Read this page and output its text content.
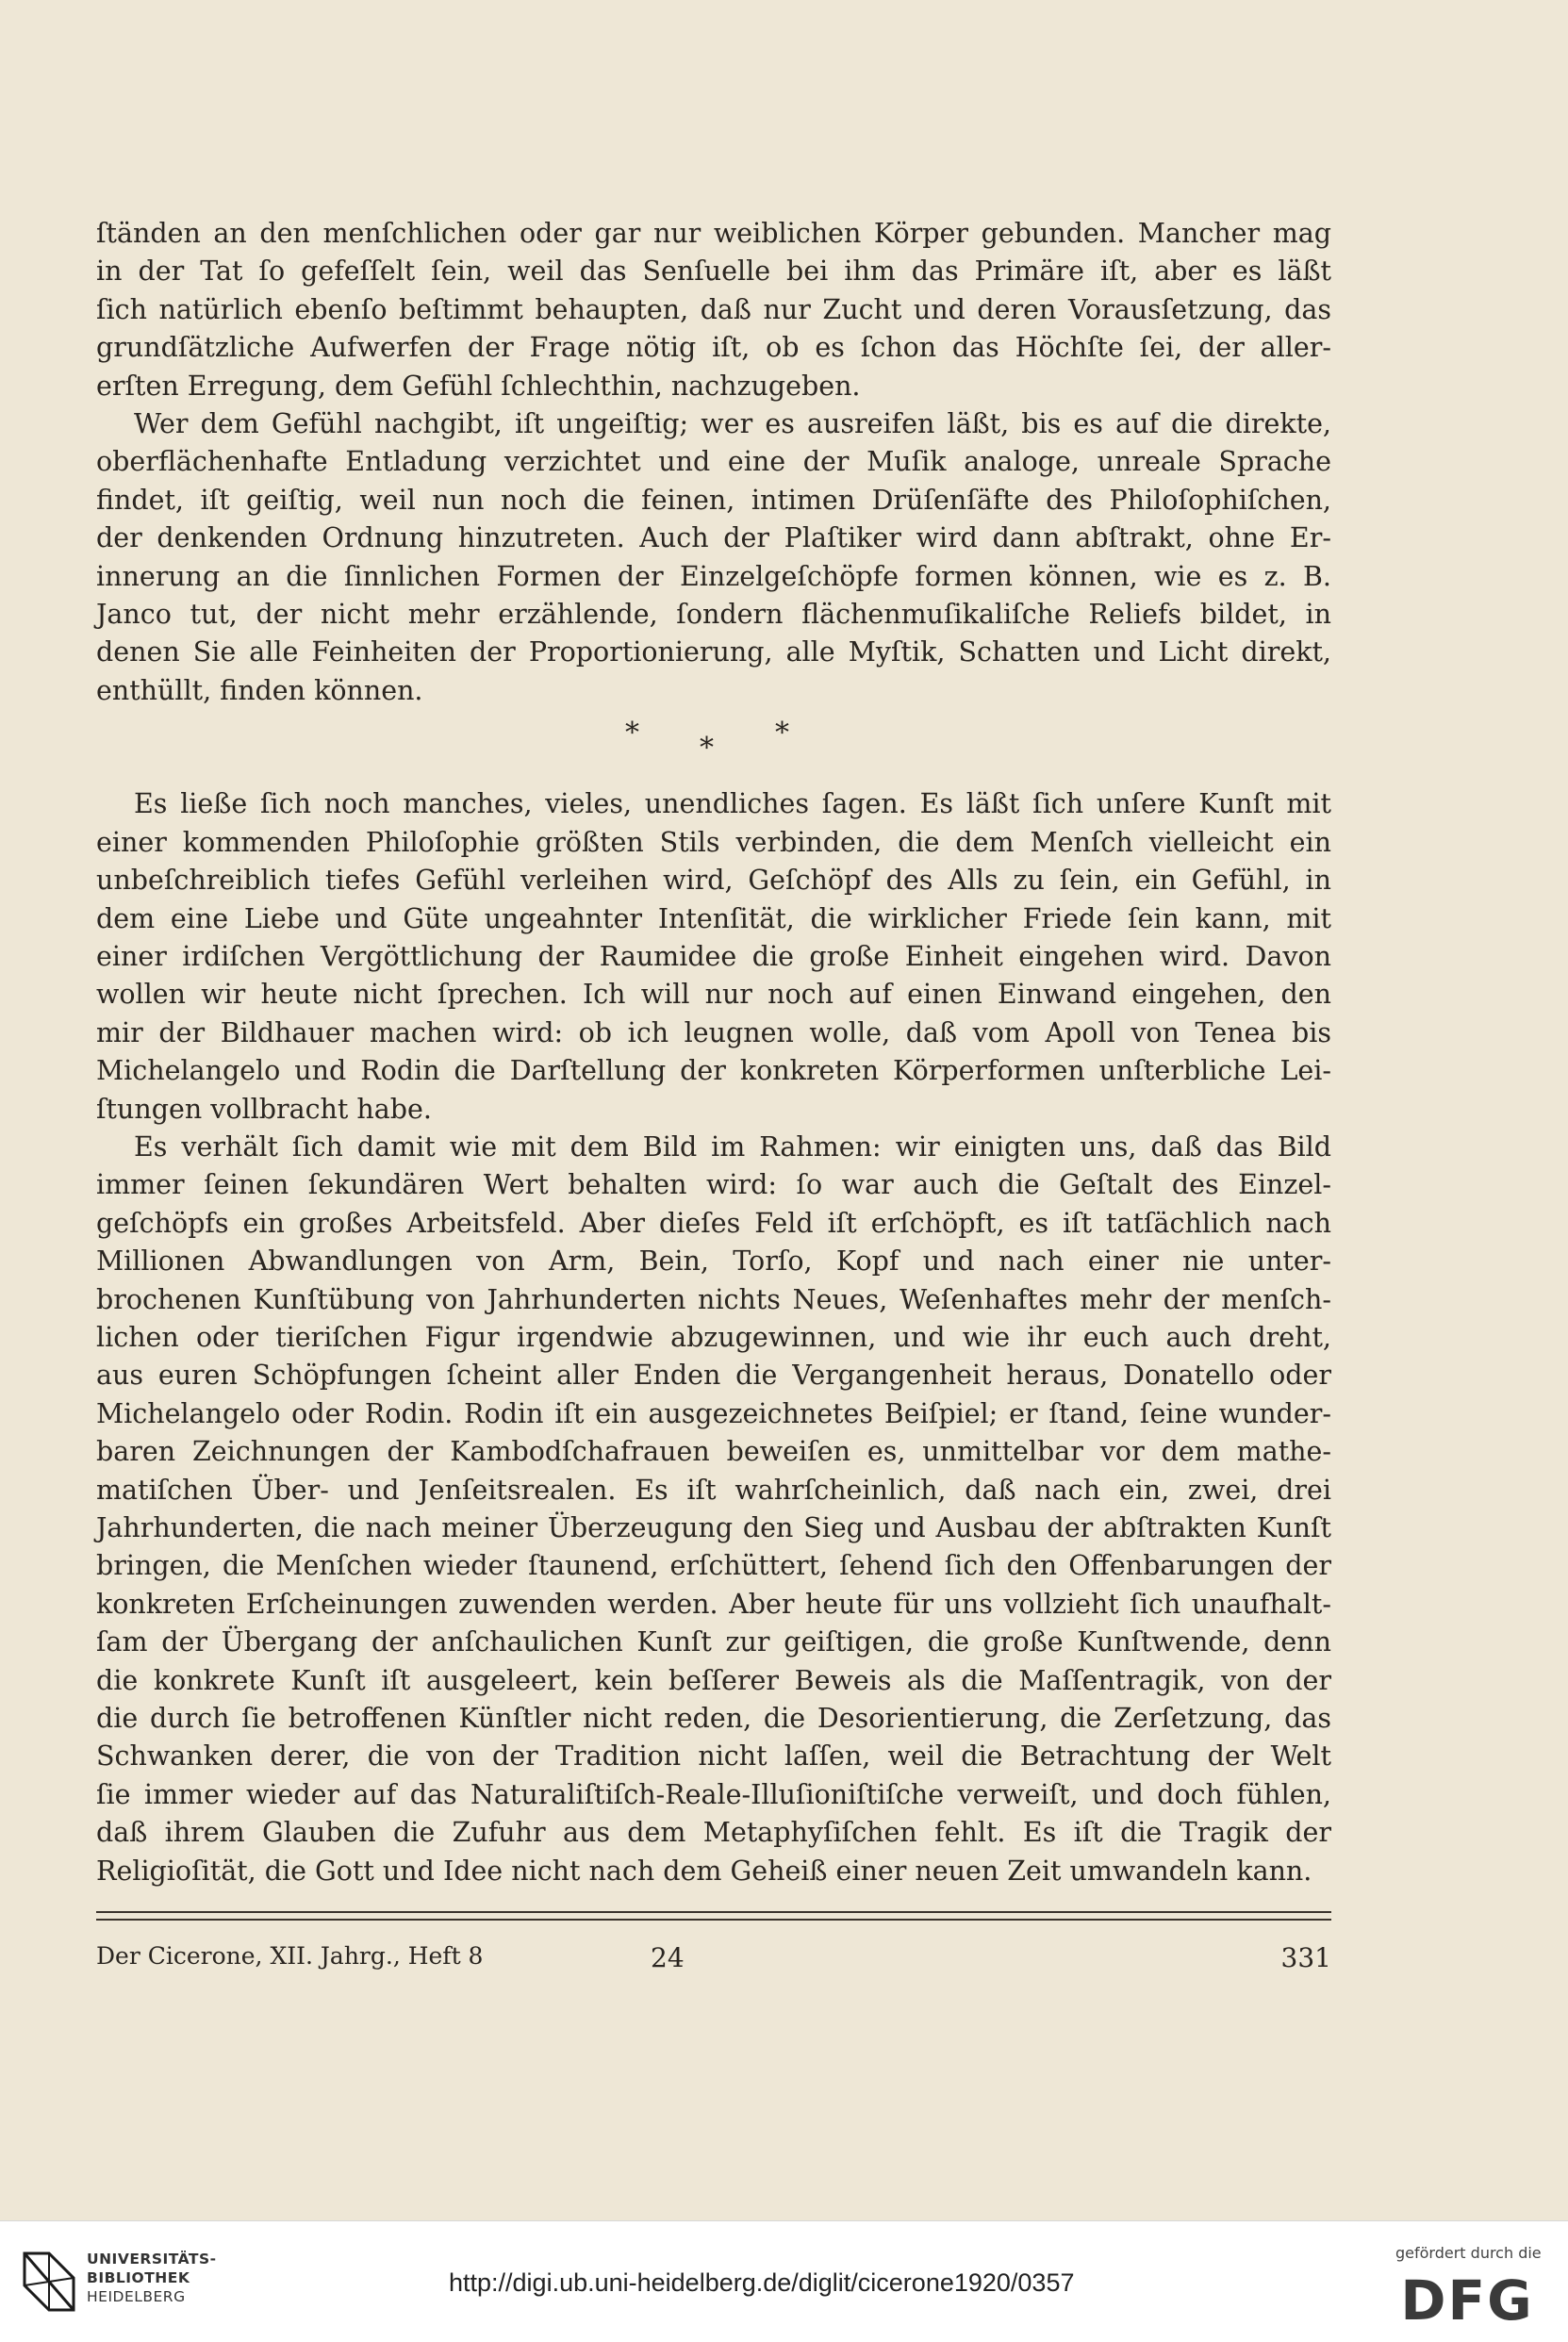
ſtänden an den menſchlichen oder gar nur weiblichen Körper gebunden. Mancher mag
in der Tat ſo gefeſſelt ſein, weil das Senſuelle bei ihm das Primäre iſt, aber es läßt
ſich natürlich ebenſo beſtimmt behaupten, daß nur Zucht und deren Vorausſetzung, das
grundſätzliche Aufwerfen der Frage nötig iſt, ob es ſchon das Höchſte ſei, der aller-
erſten Erregung, dem Gefühl ſchlechthin, nachzugeben.

Wer dem Gefühl nachgibt, iſt ungeiſtig; wer es ausreifen läßt, bis es auf die direkte,
oberflächenhafte Entladung verzichtet und eine der Muſik analoge, unreale Sprache
findet, iſt geiſtig, weil nun noch die feinen, intimen Drüſenſäfte des Philoſophiſchen,
der denkenden Ordnung hinzutreten. Auch der Plaſtiker wird dann abſtrakt, ohne Er-
innerung an die ſinnlichen Formen der Einzelgeſchöpfe formen können, wie es z. B.
Janco tut, der nicht mehr erzählende, ſondern flächenmuſikaliſche Reliefs bildet, in
denen Sie alle Feinheiten der Proportionierung, alle Myſtik, Schatten und Licht direkt,
enthüllt, finden können.

* * *

Es ließe ſich noch manches, vieles, unendliches ſagen. Es läßt ſich unſere Kunſt mit
einer kommenden Philoſophie größten Stils verbinden, die dem Menſch vielleicht ein
unbeſchreiblich tiefes Gefühl verleihen wird, Geſchöpf des Alls zu ſein, ein Gefühl, in
dem eine Liebe und Güte ungeahnter Intenſität, die wirklicher Friede ſein kann, mit
einer irdiſchen Vergöttlichung der Raumidee die große Einheit eingehen wird. Davon
wollen wir heute nicht ſprechen. Ich will nur noch auf einen Einwand eingehen, den
mir der Bildhauer machen wird: ob ich leugnen wolle, daß vom Apoll von Tenea bis
Michelangelo und Rodin die Darſtellung der konkreten Körperformen unſterbliche Lei-
ſtungen vollbracht habe.

Es verhält ſich damit wie mit dem Bild im Rahmen: wir einigten uns, daß das Bild
immer ſeinen ſekundären Wert behalten wird: ſo war auch die Geſtalt des Einzel-
geſchöpfs ein großes Arbeitsfeld. Aber dieſes Feld iſt erſchöpft, es iſt tatſächlich nach
Millionen Abwandlungen von Arm, Bein, Torſo, Kopf und nach einer nie unter-
brochenen Kunſtübung von Jahrhunderten nichts Neues, Weſenhaftes mehr der menſch-
lichen oder tieriſchen Figur irgendwie abzugewinnen, und wie ihr euch auch dreht,
aus euren Schöpfungen ſcheint aller Enden die Vergangenheit heraus, Donatello oder
Michelangelo oder Rodin. Rodin iſt ein ausgezeichnetes Beiſpiel; er ſtand, ſeine wunder-
baren Zeichnungen der Kambodſchafrauen beweiſen es, unmittelbar vor dem mathe-
matiſchen Über- und Jenſeitsrealen. Es iſt wahrſcheinlich, daß nach ein, zwei, drei
Jahrhunderten, die nach meiner Überzeugung den Sieg und Ausbau der abſtrakten Kunſt
bringen, die Menſchen wieder ſtaunend, erſchüttert, ſehend ſich den Offenbarungen der
konkreten Erſcheinungen zuwenden werden. Aber heute für uns vollzieht ſich unaufhalt-
ſam der Übergang der anſchaulichen Kunſt zur geiſtigen, die große Kunſtwende, denn
die konkrete Kunſt iſt ausgeleert, kein beſſerer Beweis als die Maſſentragik, von der
die durch ſie betroffenen Künſtler nicht reden, die Desorientierung, die Zerſetzung, das
Schwanken derer, die von der Tradition nicht laſſen, weil die Betrachtung der Welt
ſie immer wieder auf das Naturaliſtiſch-Reale-Illuſioniſtiſche verweiſt, und doch fühlen,
daß ihrem Glauben die Zufuhr aus dem Metaphyſiſchen fehlt. Es iſt die Tragik der
Religioſität, die Gott und Idee nicht nach dem Geheiß einer neuen Zeit umwandeln kann.

Der Cicerone, XII. Jahrg., Heft 8	24	331
UNIVERSITÄTS-
BIBLIOTHEK
HEIDELBERG	http://digi.ub.uni-heidelberg.de/diglit/cicerone1920/0357
gefördert durch die
DFG
